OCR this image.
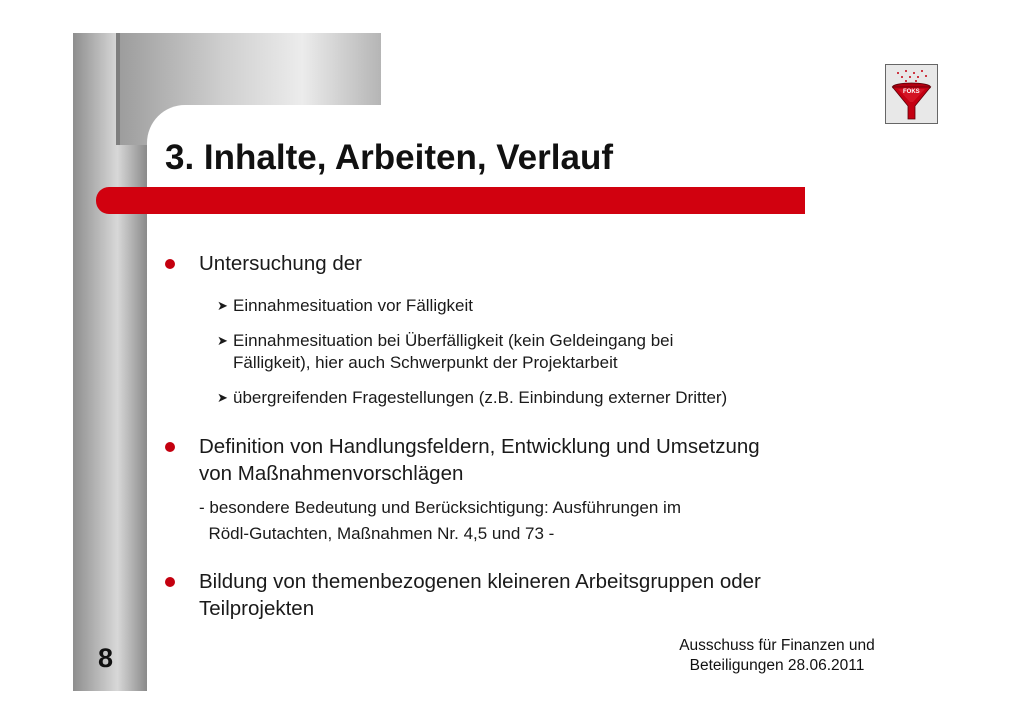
3. Inhalte, Arbeiten, Verlauf
FOKS
Untersuchung der
➤ Einnahmesituation vor Fälligkeit
➤ Einnahmesituation bei Überfälligkeit (kein Geldeingang bei
Fälligkeit), hier auch Schwerpunkt der Projektarbeit
➤ übergreifenden Fragestellungen (z.B. Einbindung externer Dritter)
Definition von Handlungsfeldern, Entwicklung und Umsetzung
von Maßnahmenvorschlägen
- besondere Bedeutung und Berücksichtigung: Ausführungen im
Rödl-Gutachten, Maßnahmen Nr. 4,5 und 73 -
Bildung von themenbezogenen kleineren Arbeitsgruppen oder
Teilprojekten
8	Ausschuss für Finanzen und
Beteiligungen 28.06.2011
